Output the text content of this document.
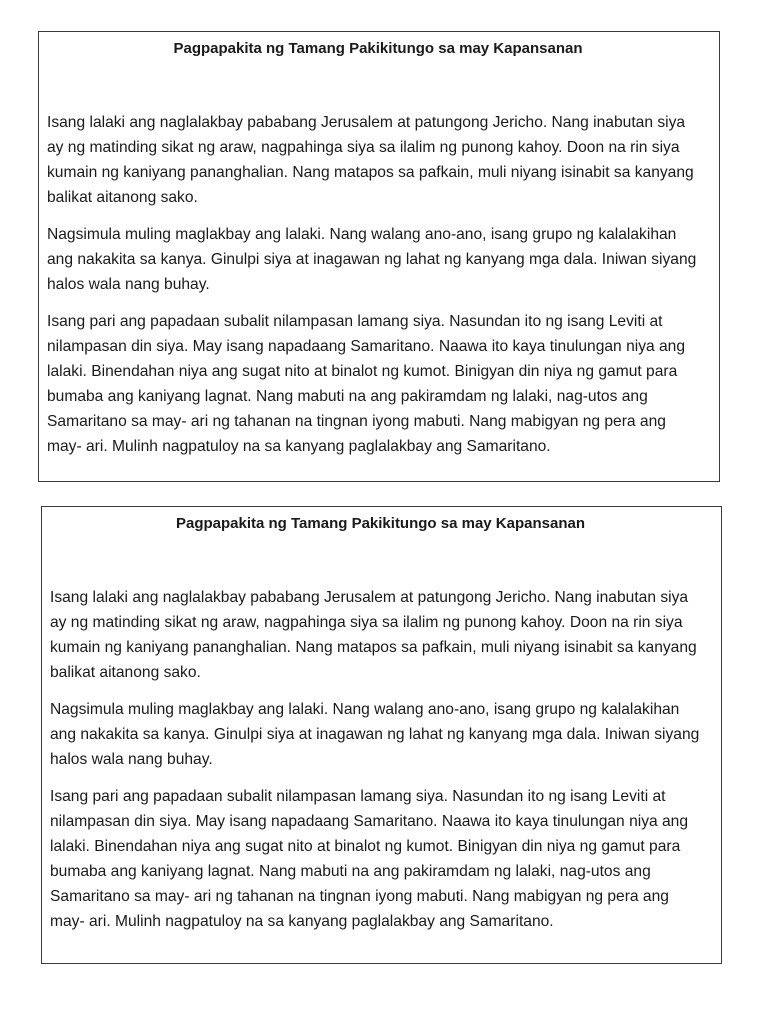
Pagpapakita ng Tamang Pakikitungo sa may Kapansanan

Isang lalaki ang naglalakbay pababang Jerusalem at patungong Jericho. Nang inabutan siya
ay ng matinding sikat ng araw, nagpahinga siya sa ilalim ng punong kahoy. Doon na rin siya
kumain ng kaniyang pananghalian. Nang matapos sa pafkain, muli niyang isinabit sa kanyang
balikat aitanong sako.

Nagsimula muling maglakbay ang lalaki. Nang walang ano-ano, isang grupo ng kalalakihan
ang nakakita sa kanya. Ginulpi siya at inagawan ng lahat ng kanyang mga dala. Iniwan siyang
halos wala nang buhay.

Isang pari ang papadaan subalit nilampasan lamang siya. Nasundan ito ng isang Leviti at
nilampasan din siya. May isang napadaang Samaritano. Naawa ito kaya tinulungan niya ang
lalaki. Binendahan niya ang sugat nito at binalot ng kumot. Binigyan din niya ng gamut para
bumaba ang kaniyang lagnat. Nang mabuti na ang pakiramdam ng lalaki, nag-utos ang
Samaritano sa may- ari ng tahanan na tingnan iyong mabuti. Nang mabigyan ng pera ang
may- ari. Mulinh nagpatuloy na sa kanyang paglalakbay ang Samaritano.

Pagpapakita ng Tamang Pakikitungo sa may Kapansanan

Isang lalaki ang naglalakbay pababang Jerusalem at patungong Jericho. Nang inabutan siya
ay ng matinding sikat ng araw, nagpahinga siya sa ilalim ng punong kahoy. Doon na rin siya
kumain ng kaniyang pananghalian. Nang matapos sa pafkain, muli niyang isinabit sa kanyang
balikat aitanong sako.

Nagsimula muling maglakbay ang lalaki. Nang walang ano-ano, isang grupo ng kalalakihan
ang nakakita sa kanya. Ginulpi siya at inagawan ng lahat ng kanyang mga dala. Iniwan siyang
halos wala nang buhay.

Isang pari ang papadaan subalit nilampasan lamang siya. Nasundan ito ng isang Leviti at
nilampasan din siya. May isang napadaang Samaritano. Naawa ito kaya tinulungan niya ang
lalaki. Binendahan niya ang sugat nito at binalot ng kumot. Binigyan din niya ng gamut para
bumaba ang kaniyang lagnat. Nang mabuti na ang pakiramdam ng lalaki, nag-utos ang
Samaritano sa may- ari ng tahanan na tingnan iyong mabuti. Nang mabigyan ng pera ang
may- ari. Mulinh nagpatuloy na sa kanyang paglalakbay ang Samaritano.
